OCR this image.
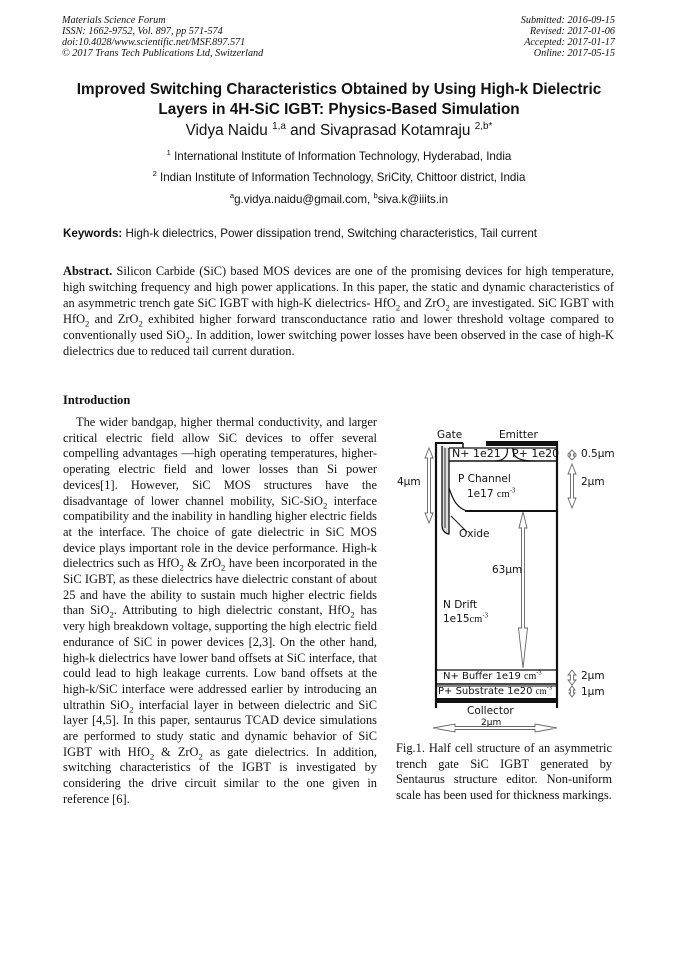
Materials Science Forum
ISSN: 1662-9752, Vol. 897, pp 571-574
doi:10.4028/www.scientific.net/MSF.897.571
© 2017 Trans Tech Publications Ltd, Switzerland
Submitted: 2016-09-15
Revised: 2017-01-06
Accepted: 2017-01-17
Online: 2017-05-15
Improved Switching Characteristics Obtained by Using High-k Dielectric
Layers in 4H-SiC IGBT: Physics-Based Simulation
Vidya Naidu $^{1,a}$ and Sivaprasad Kotamraju $^{2,b*}$
$^1$ International Institute of Information Technology, Hyderabad, India
$^2$ Indian Institute of Information Technology, SriCity, Chittoor district, India
$^a$g.vidya.naidu@gmail.com, $^b$siva.k@iiits.in
Keywords: High-k dielectrics, Power dissipation trend, Switching characteristics, Tail current
Abstract. Silicon Carbide (SiC) based MOS devices are one of the promising devices for high temperature, high switching frequency and high power applications. In this paper, the static and dynamic characteristics of an asymmetric trench gate SiC IGBT with high-K dielectrics- HfO$_2$ and ZrO$_2$ are investigated. SiC IGBT with HfO$_2$ and ZrO$_2$ exhibited higher forward transconductance ratio and lower threshold voltage compared to conventionally used SiO$_2$. In addition, lower switching power losses have been observed in the case of high-K dielectrics due to reduced tail current duration.
Introduction
The wider bandgap, higher thermal conductivity, and larger critical electric field allow SiC devices to offer several compelling advantages —high operating temperatures, higher-operating electric field and lower losses than Si power devices[1]. However, SiC MOS structures have the disadvantage of lower channel mobility, SiC-SiO$_2$ interface compatibility and the inability in handling higher electric fields at the interface. The choice of gate dielectric in SiC MOS device plays important role in the device performance. High-k dielectrics such as HfO$_2$ & ZrO$_2$ have been incorporated in the SiC IGBT, as these dielectrics have dielectric constant of about 25 and have the ability to sustain much higher electric fields than SiO$_2$. Attributing to high dielectric constant, HfO$_2$ has very high breakdown voltage, supporting the high electric field endurance of SiC in power devices [2,3]. On the other hand, high-k dielectrics have lower band offsets at SiC interface, that could lead to high leakage currents. Low band offsets at the high-k/SiC interface were addressed earlier by introducing an ultrathin SiO$_2$ interfacial layer in between dielectric and SiC layer [4,5]. In this paper, sentaurus TCAD device simulations are performed to study static and dynamic behavior of SiC IGBT with HfO$_2$ & ZrO$_2$ as gate dielectrics. In addition, switching characteristics of the IGBT is investigated by considering the drive circuit similar to the one given in reference [6].
Gate	Emitter
N+ 1e21 P+ 1e20
P Channel
1e17 $cm^{-3}$
Oxide
4μm
0.5μm
2μm
63μm
N Drift
$1e15cm^{-3}$
N+ Buffer 1e19 $cm^{-3}$
P+ Substrate 1e20 $cm^{-3}$
2μm
1μm
Collector
2μm
Fig.1. Half cell structure of an asymmetric trench gate SiC IGBT generated by Sentaurus structure editor. Non-uniform scale has been used for thickness markings.
